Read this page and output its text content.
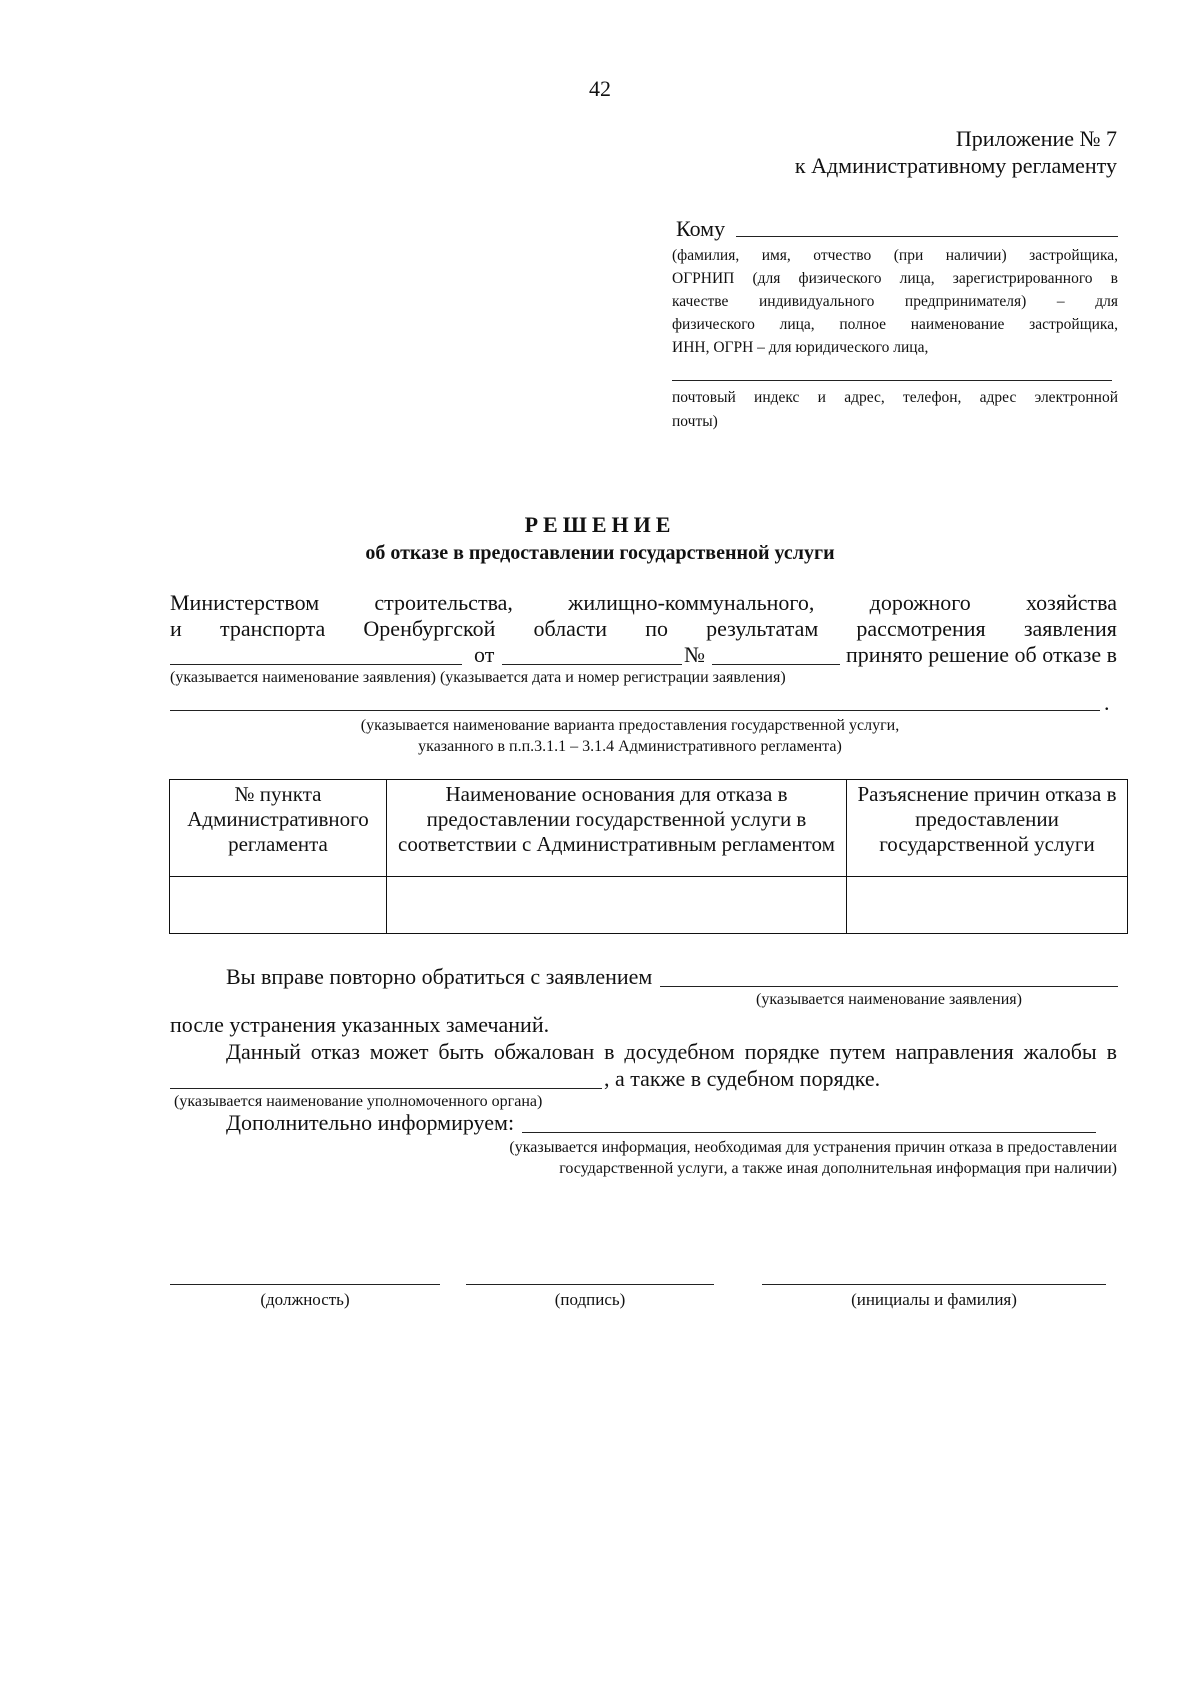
42
Приложение № 7
к Административному регламенту
Кому
(фамилия, имя, отчество (при наличии) застройщика,
ОГРНИП (для физического лица, зарегистрированного в
качестве индивидуального предпринимателя) – для
физического лица, полное наименование застройщика,
ИНН, ОГРН – для юридического лица,
почтовый индекс и адрес, телефон, адрес электронной
почты)
РЕШЕНИЕ
об отказе в предоставлении государственной услуги
Министерством	строительства,	жилищно-коммунального,	дорожного	хозяйства
и транспорта Оренбургской области по результатам рассмотрения заявления
от	№	принято решение об отказе в
(указывается наименование заявления) (указывается дата и номер регистрации заявления)
.
(указывается наименование варианта предоставления государственной услуги,
указанного в п.п.3.1.1 – 3.1.4 Административного регламента)
№ пункта Административного регламента	Наименование основания для отказа в предоставлении государственной услуги в соответствии с Административным регламентом	Разъяснение причин отказа в предоставлении государственной услуги

Вы вправе повторно обратиться с заявлением
(указывается наименование заявления)
после устранения указанных замечаний.
Данный отказ может быть обжалован в досудебном порядке путем направления жалобы в
, а также в судебном порядке.
(указывается наименование уполномоченного органа)
Дополнительно информируем:
(указывается информация, необходимая для устранения причин отказа в предоставлении
государственной услуги, а также иная дополнительная информация при наличии)
(должность)	(подпись)	(инициалы и фамилия)
